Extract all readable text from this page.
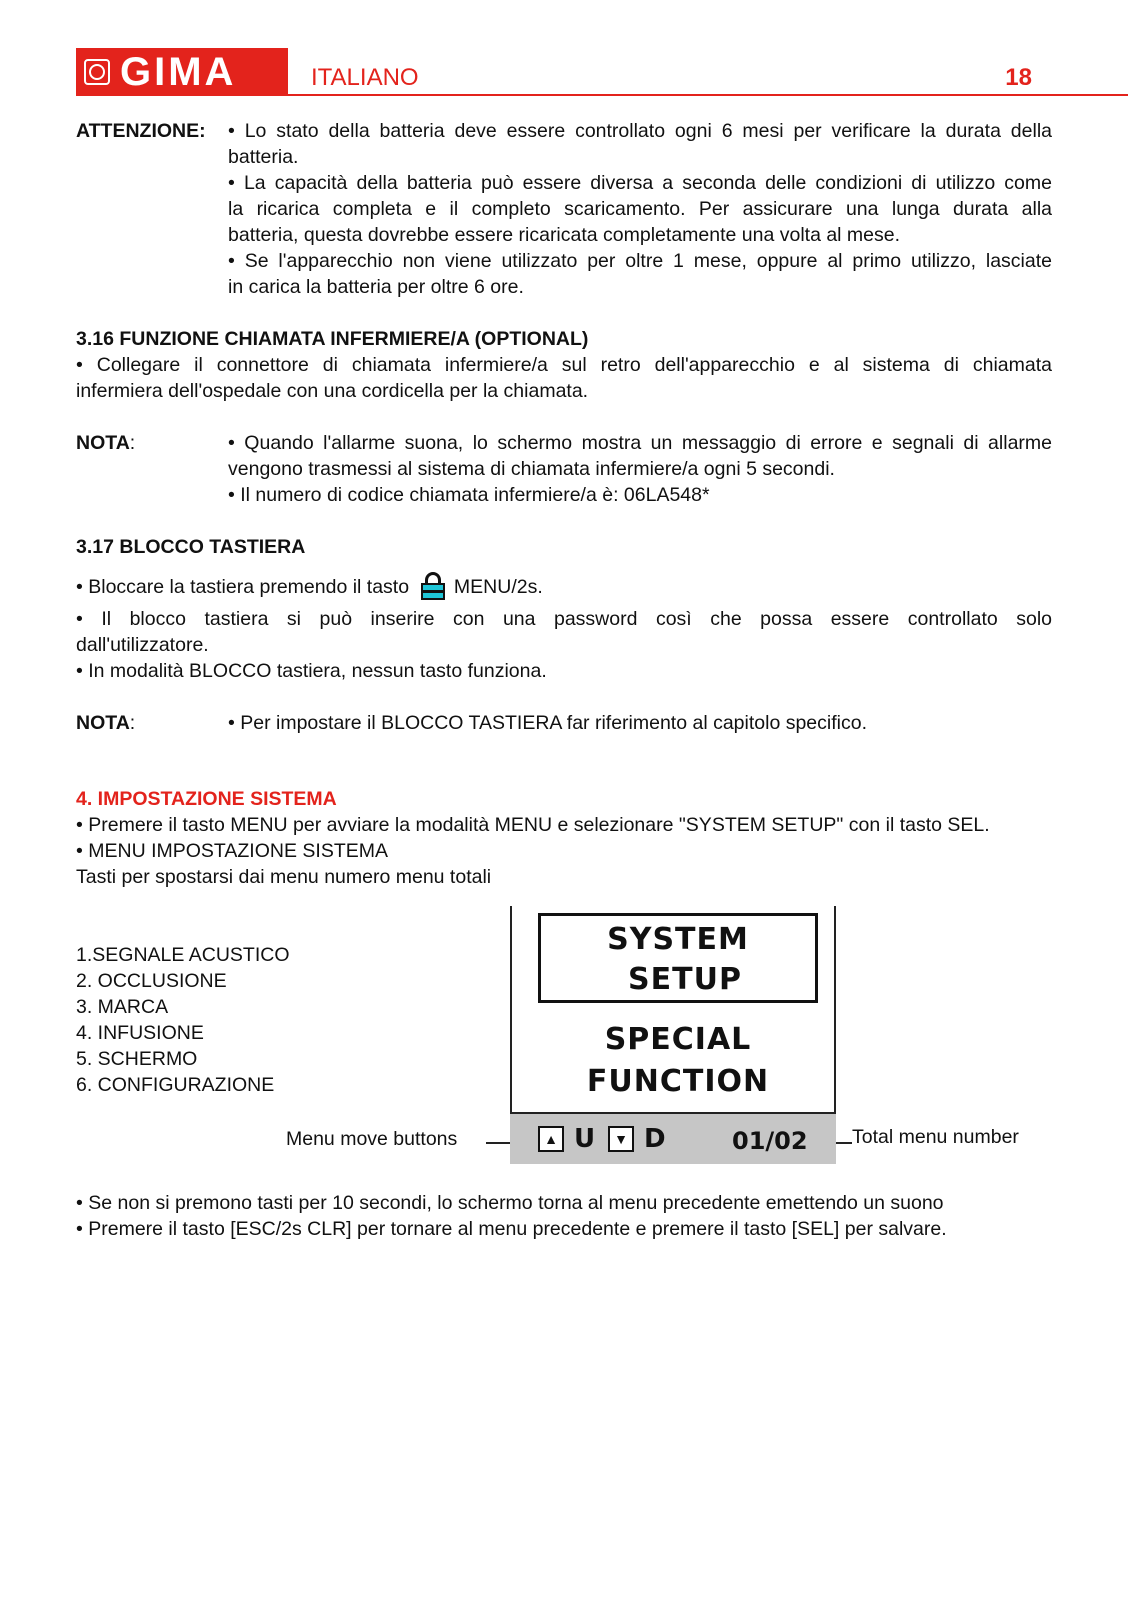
GIMA	ITALIANO	18
ATTENZIONE: • Lo stato della batteria deve essere controllato ogni 6 mesi per verificare la durata della
batteria.
• La capacità della batteria può essere diversa a seconda delle condizioni di utilizzo come
la ricarica completa e il completo scaricamento. Per assicurare una lunga durata alla
batteria, questa dovrebbe essere ricaricata completamente una volta al mese.
• Se l'apparecchio non viene utilizzato per oltre 1 mese, oppure al primo utilizzo, lasciate
in carica la batteria per oltre 6 ore.
3.16 FUNZIONE CHIAMATA INFERMIERE/A (OPTIONAL)
• Collegare il connettore di chiamata infermiere/a sul retro dell'apparecchio e al sistema di chiamata
infermiera dell'ospedale con una cordicella per la chiamata.
NOTA:	• Quando l'allarme suona, lo schermo mostra un messaggio di errore e segnali di allarme
vengono trasmessi al sistema di chiamata infermiere/a ogni 5 secondi.
• Il numero di codice chiamata infermiere/a è: 06LA548*
3.17 BLOCCO TASTIERA
• Bloccare la tastiera premendo il tasto MENU/2s.
• Il blocco tastiera si può inserire con una password così che possa essere controllato solo
dall'utilizzatore.
• In modalità BLOCCO tastiera, nessun tasto funziona.
NOTA:	• Per impostare il BLOCCO TASTIERA far riferimento al capitolo specifico.
4. IMPOSTAZIONE SISTEMA
• Premere il tasto MENU per avviare la modalità MENU e selezionare "SYSTEM SETUP" con il tasto SEL.
• MENU IMPOSTAZIONE SISTEMA
Tasti per spostarsi dai menu numero menu totali
1.SEGNALE ACUSTICO
2. OCCLUSIONE
3. MARCA
4. INFUSIONE
5. SCHERMO
6. CONFIGURAZIONE
SYSTEM
SETUP
SPECIAL
FUNCTION
▲ U	▼ D	01/02
Menu move buttons	Total menu number
• Se non si premono tasti per 10 secondi, lo schermo torna al menu precedente emettendo un suono
• Premere il tasto [ESC/2s CLR] per tornare al menu precedente e premere il tasto [SEL] per salvare.
